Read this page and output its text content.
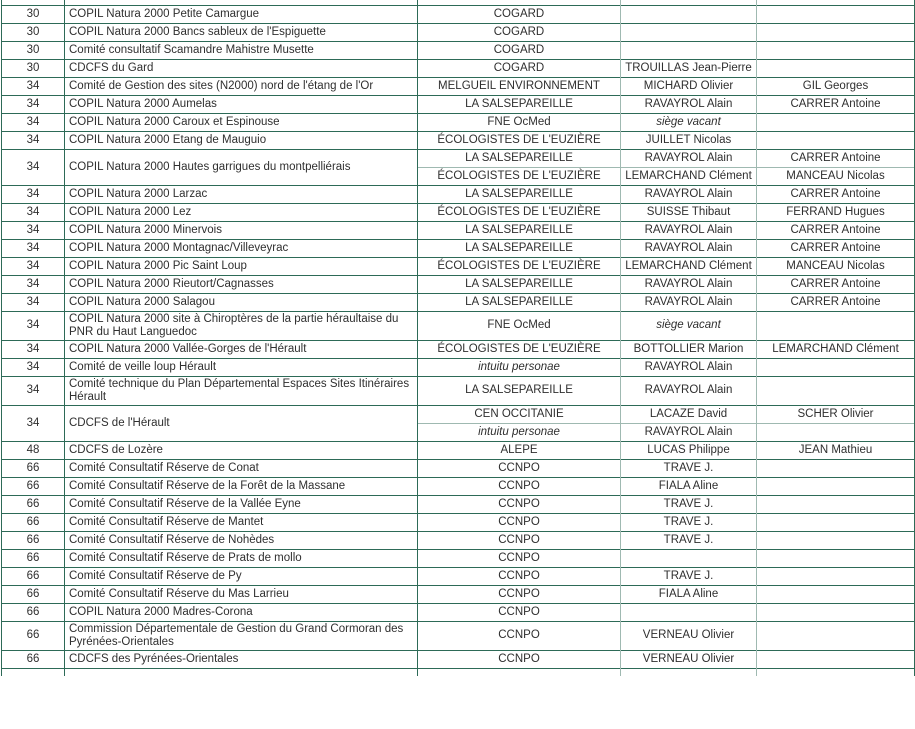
30	COPIL Natura 2000 Petite Camargue	COGARD		
30	COPIL Natura 2000 Bancs sableux de l'Espiguette	COGARD		
30	Comité consultatif Scamandre Mahistre Musette	COGARD		
30	CDCFS du Gard	COGARD	TROUILLAS Jean-Pierre	
34	Comité de Gestion des sites (N2000) nord de l'étang de l'Or	MELGUEIL ENVIRONNEMENT	MICHARD Olivier	GIL Georges
34	COPIL Natura 2000 Aumelas	LA SALSEPAREILLE	RAVAYROL Alain	CARRER Antoine
34	COPIL Natura 2000 Caroux et Espinouse	FNE OcMed	siège vacant	
34	COPIL Natura 2000 Etang de Mauguio	ÉCOLOGISTES DE L'EUZIÈRE	JUILLET Nicolas	
34	COPIL Natura 2000 Hautes garrigues du montpelliérais	LA SALSEPAREILLE	RAVAYROL Alain	CARRER Antoine
		ÉCOLOGISTES DE L'EUZIÈRE	LEMARCHAND Clément	MANCEAU Nicolas
34	COPIL Natura 2000 Larzac	LA SALSEPAREILLE	RAVAYROL Alain	CARRER Antoine
34	COPIL Natura 2000 Lez	ÉCOLOGISTES DE L'EUZIÈRE	SUISSE Thibaut	FERRAND Hugues
34	COPIL Natura 2000 Minervois	LA SALSEPAREILLE	RAVAYROL Alain	CARRER Antoine
34	COPIL Natura 2000 Montagnac/Villeveyrac	LA SALSEPAREILLE	RAVAYROL Alain	CARRER Antoine
34	COPIL Natura 2000 Pic Saint Loup	ÉCOLOGISTES DE L'EUZIÈRE	LEMARCHAND Clément	MANCEAU Nicolas
34	COPIL Natura 2000 Rieutort/Cagnasses	LA SALSEPAREILLE	RAVAYROL Alain	CARRER Antoine
34	COPIL Natura 2000 Salagou	LA SALSEPAREILLE	RAVAYROL Alain	CARRER Antoine
34	COPIL Natura 2000 site à Chiroptères de la partie héraultaise du PNR du Haut Languedoc	FNE OcMed	siège vacant	
34	COPIL Natura 2000 Vallée-Gorges de l'Hérault	ÉCOLOGISTES DE L'EUZIÈRE	BOTTOLLIER Marion	LEMARCHAND Clément
34	Comité de veille loup Hérault	intuitu personae	RAVAYROL Alain	
34	Comité technique du Plan Départemental Espaces Sites Itinéraires Hérault	LA SALSEPAREILLE	RAVAYROL Alain	
34	CDCFS de l'Hérault	CEN OCCITANIE	LACAZE David	SCHER Olivier
		intuitu personae	RAVAYROL Alain	
48	CDCFS de Lozère	ALEPE	LUCAS Philippe	JEAN Mathieu
66	Comité Consultatif Réserve de Conat	CCNPO	TRAVE J.	
66	Comité Consultatif Réserve de la Forêt de la Massane	CCNPO	FIALA Aline	
66	Comité Consultatif Réserve de la Vallée Eyne	CCNPO	TRAVE J.	
66	Comité Consultatif Réserve de Mantet	CCNPO	TRAVE J.	
66	Comité Consultatif Réserve de Nohèdes	CCNPO	TRAVE J.	
66	Comité Consultatif Réserve de Prats de mollo	CCNPO		
66	Comité Consultatif Réserve de Py	CCNPO	TRAVE J.	
66	Comité Consultatif Réserve du Mas Larrieu	CCNPO	FIALA Aline	
66	COPIL Natura 2000 Madres-Corona	CCNPO		
66	Commission Départementale de Gestion du Grand Cormoran des Pyrénées-Orientales	CCNPO	VERNEAU Olivier	
66	CDCFS des Pyrénées-Orientales	CCNPO	VERNEAU Olivier	
